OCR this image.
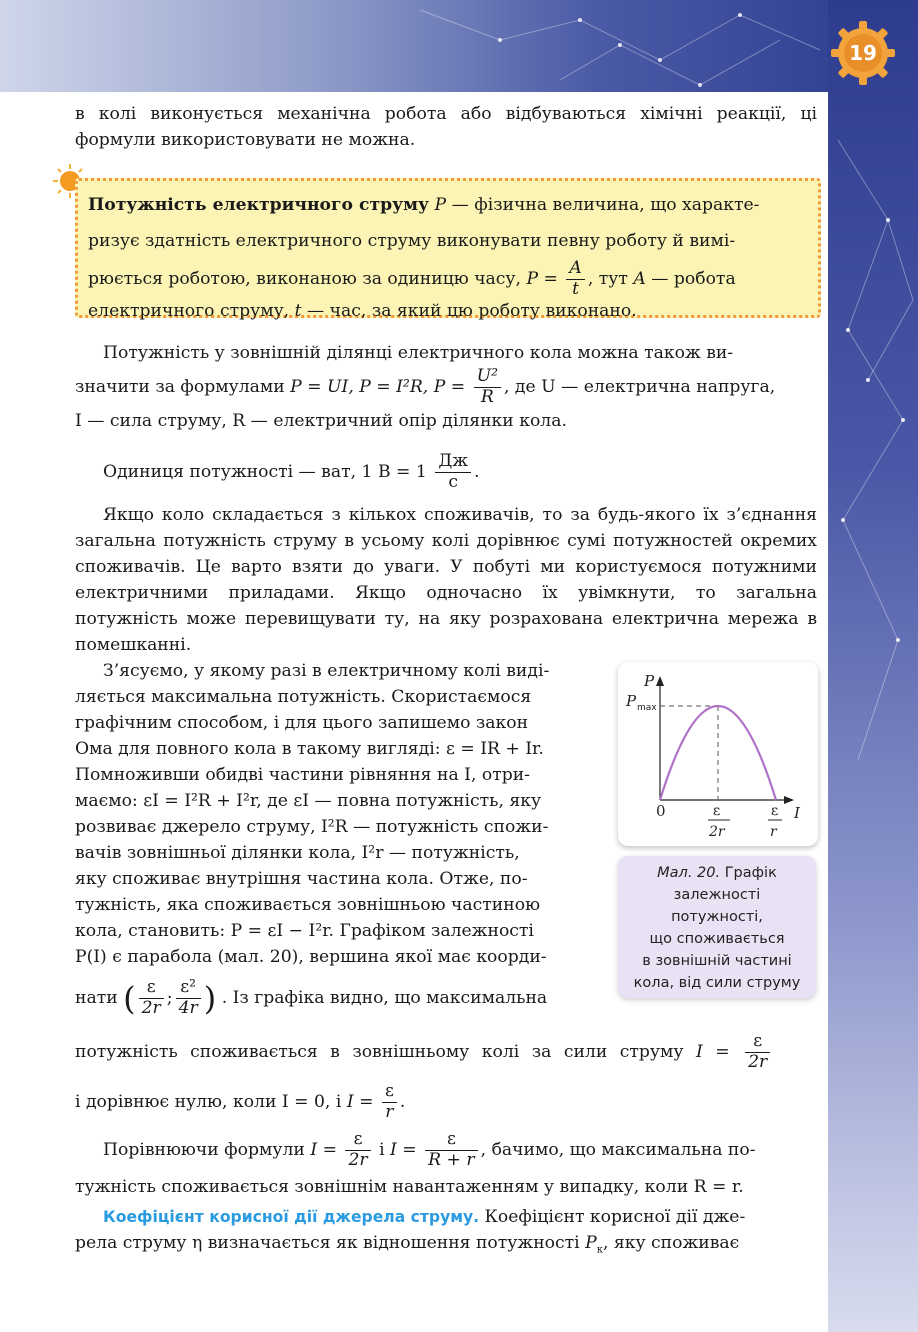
19

в колі виконується механічна робота або відбуваються хімічні реакції, ці формули використовувати не можна.

Потужність електричного струму P — фізична величина, що характе-
ризує здатність електричного струму виконувати певну роботу й вимі-
рюється роботою, виконаною за одиницю часу, $P = \frac{A}{t}$ , тут A — робота
електричного струму, t — час, за який цю роботу виконано.

Потужність у зовнішній ділянці електричного кола можна також ви-

значити за формулами P = UI, P = I²R, $P = \frac{\text{U²}}{R}$ , де U — електрична напруга,

I — сила струму, R — електричний опір ділянки кола.

Одиниця потужності — ват, 1 $В = 1 \frac{Дж}{с}$ .

Якщо коло складається з кількох споживачів, то за будь-якого їх з’єднання загальна потужність струму в усьому колі дорівнює сумі потужностей окремих споживачів. Це варто взяти до уваги. У побуті ми користуємося потужними електричними приладами. Якщо одночасно їх увімкнути, то загальна потужність може перевищувати ту, на яку розрахована електрична мережа в помешканні.

З’ясуємо, у якому разі в електричному колі виді-
ляється максимальна потужність. Скористаємося
графічним способом, і для цього запишемо закон
Ома для повного кола в такому вигляді: ε = IR + Ir.
Помноживши обидві частини рівняння на I, отри-
маємо: εI = I²R + I²r, де εI — повна потужність, яку
розвиває джерело струму, I²R — потужність спожи-
вачів зовнішньої ділянки кола, I²r — потужність,
яку споживає внутрішня частина кола. Отже, по-
тужність, яка споживається зовнішньою частиною
кола, становить: P = εI − I²r. Графіком залежності
P(I) є парабола (мал. 20), вершина якої має коорди-
нати ( $\frac{\varepsilon}{2r}$ ; $\frac{\text{ε²}}{4r}$ ) . Із графіка видно, що максимальна
потужність споживається в зовнішньому колі за сили струму $I = \frac{\varepsilon}{2r}$
і дорівнює нулю, коли I = 0, і $I = \frac{\varepsilon}{r}$ .
Порівнюючи формули $I = \frac{\varepsilon}{2r}$ і $I = \frac{\varepsilon}{R + r}$ , бачимо, що максимальна по-
тужність споживається зовнішнім навантаженням у випадку, коли R = r.
Коефіцієнт корисної дії джерела струму. Коефіцієнт корисної дії дже-
рела струму η визначається як відношення потужності $P_к$, яку споживає
P
P max
0	I
ε
2r
ε
r
Мал. 20. Графік
залежності
потужності,
що споживається
в зовнішній частині
кола, від сили струму
